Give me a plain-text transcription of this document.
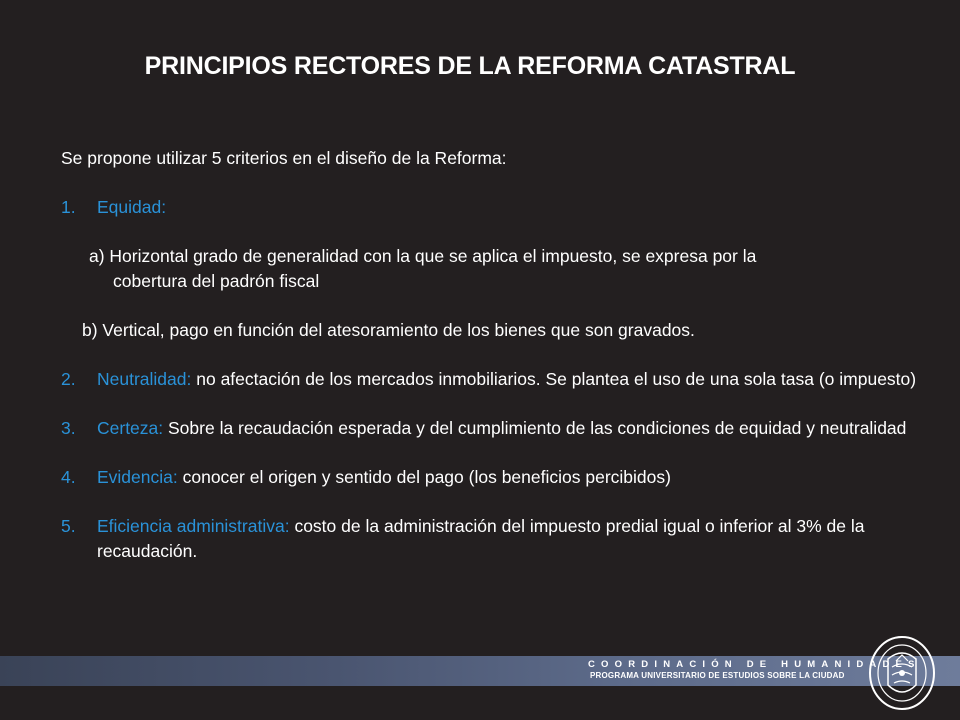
PRINCIPIOS RECTORES DE LA REFORMA CATASTRAL

Se propone utilizar 5 criterios en el diseño de la Reforma:

1.	Equidad:
a) Horizontal grado de generalidad con la que se aplica el impuesto, se expresa por la
cobertura del padrón fiscal
b) Vertical, pago en función del atesoramiento de los bienes que son gravados.
2.	Neutralidad: no afectación de los mercados inmobiliarios. Se plantea el uso de una sola tasa (o impuesto)
3.	Certeza: Sobre la recaudación esperada y del cumplimiento de las condiciones de equidad y neutralidad
4.	Evidencia: conocer el origen y sentido del pago (los beneficios percibidos)
5.	Eficiencia administrativa: costo de la administración del impuesto predial igual o inferior al 3% de la recaudación.
COORDINACIÓN DE HUMANIDADES
PROGRAMA UNIVERSITARIO DE ESTUDIOS SOBRE LA CIUDAD
